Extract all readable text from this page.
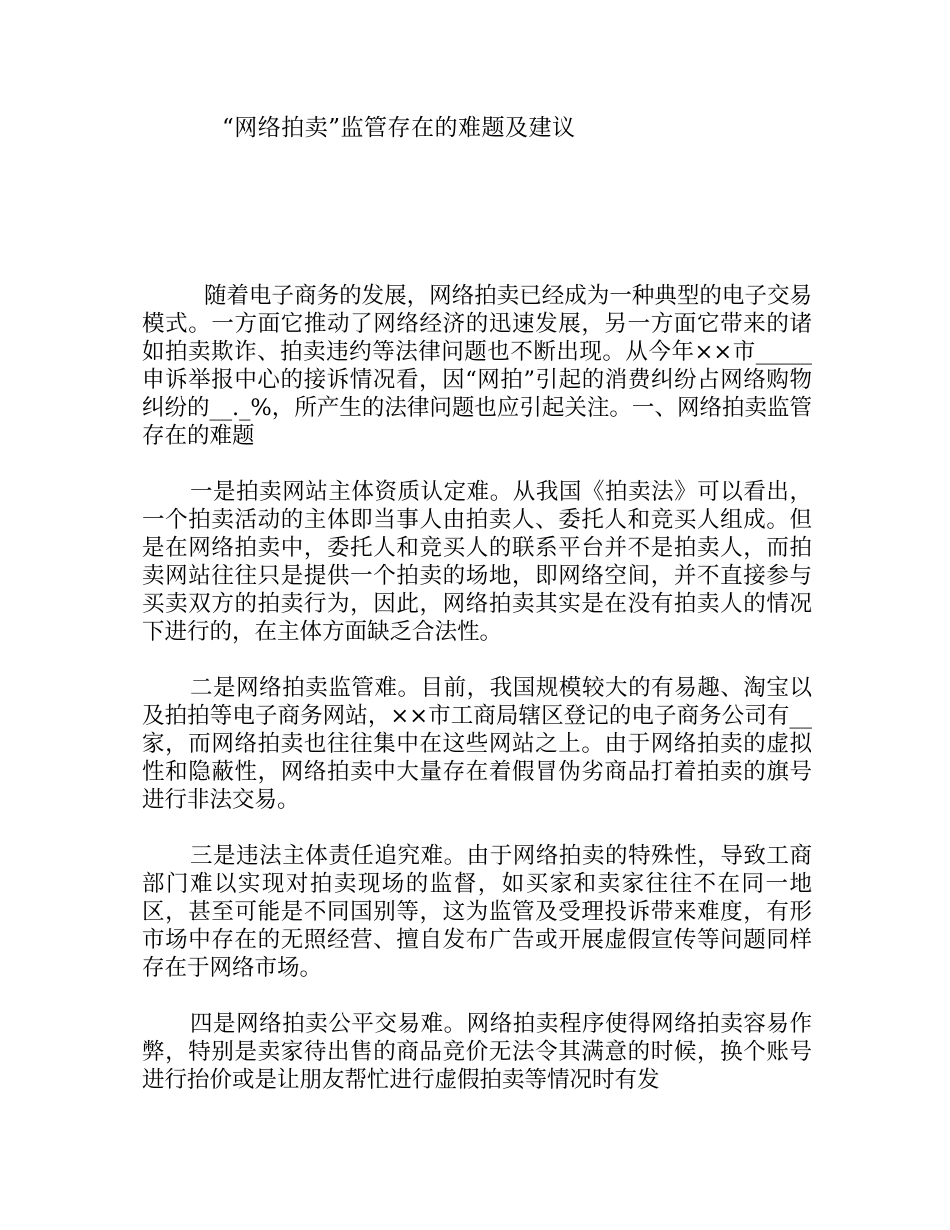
“网络拍卖”监管存在的难题及建议

随着电子商务的发展，网络拍卖已经成为一种典型的电子交易模式。一方面它推动了网络经济的迅速发展，另一方面它带来的诸如拍卖欺诈、拍卖违约等法律问题也不断出现。从今年××市_____申诉举报中心的接诉情况看，因“网拍”引起的消费纠纷占网络购物纠纷的__._%，所产生的法律问题也应引起关注。一、网络拍卖监管存在的难题

一是拍卖网站主体资质认定难。从我国《拍卖法》可以看出，一个拍卖活动的主体即当事人由拍卖人、委托人和竞买人组成。但是在网络拍卖中，委托人和竞买人的联系平台并不是拍卖人，而拍卖网站往往只是提供一个拍卖的场地，即网络空间，并不直接参与买卖双方的拍卖行为，因此，网络拍卖其实是在没有拍卖人的情况下进行的，在主体方面缺乏合法性。

二是网络拍卖监管难。目前，我国规模较大的有易趣、淘宝以及拍拍等电子商务网站，××市工商局辖区登记的电子商务公司有__家，而网络拍卖也往往集中在这些网站之上。由于网络拍卖的虚拟性和隐蔽性，网络拍卖中大量存在着假冒伪劣商品打着拍卖的旗号进行非法交易。

三是违法主体责任追究难。由于网络拍卖的特殊性，导致工商部门难以实现对拍卖现场的监督，如买家和卖家往往不在同一地区，甚至可能是不同国别等，这为监管及受理投诉带来难度，有形市场中存在的无照经营、擅自发布广告或开展虚假宣传等问题同样存在于网络市场。

四是网络拍卖公平交易难。网络拍卖程序使得网络拍卖容易作弊，特别是卖家待出售的商品竞价无法令其满意的时候，换个账号进行抬价或是让朋友帮忙进行虚假拍卖等情况时有发
